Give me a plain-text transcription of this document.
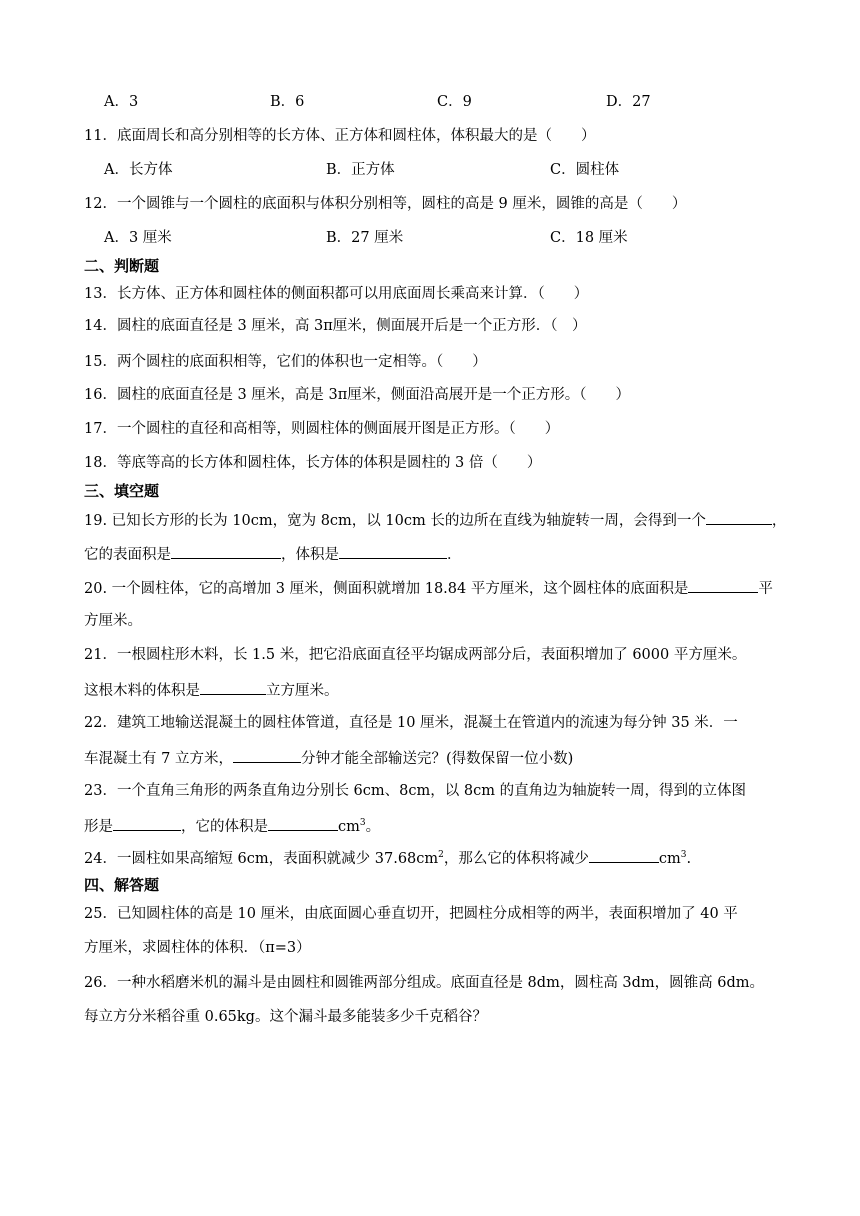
A．3	B．6	C．9	D．27
11．底面周长和高分别相等的长方体、正方体和圆柱体，体积最大的是（　　）
A．长方体	B．正方体	C．圆柱体
12．一个圆锥与一个圆柱的底面积与体积分别相等，圆柱的高是 9 厘米，圆锥的高是（　　）
A．3 厘米	B．27 厘米	C．18 厘米
二、判断题
13．长方体、正方体和圆柱体的侧面积都可以用底面周长乘高来计算．（　　）
14．圆柱的底面直径是 3 厘米，高 3π厘米，侧面展开后是一个正方形．（　）
15．两个圆柱的底面积相等，它们的体积也一定相等。（　　）
16．圆柱的底面直径是 3 厘米，高是 3π厘米，侧面沿高展开是一个正方形。（　　）
17．一个圆柱的直径和高相等，则圆柱体的侧面展开图是正方形。（　　）
18．等底等高的长方体和圆柱体，长方体的体积是圆柱的 3 倍（　　）
三、填空题
19. 已知长方形的长为 10cm，宽为 8cm，以 10cm 长的边所在直线为轴旋转一周，会得到一个	，
它的表面积是	，体积是	．
20. 一个圆柱体，它的高增加 3 厘米，侧面积就增加 18.84 平方厘米，这个圆柱体的底面积是	平
方厘米。
21．一根圆柱形木料，长 1.5 米，把它沿底面直径平均锯成两部分后，表面积增加了 6000 平方厘米。
这根木料的体积是	立方厘米。
22．建筑工地输送混凝土的圆柱体管道，直径是 10 厘米，混凝土在管道内的流速为每分钟 35 米．一
车混凝土有 7 立方米，	分钟才能全部输送完？(得数保留一位小数)
23．一个直角三角形的两条直角边分别长 6cm、8cm，以 8cm 的直角边为轴旋转一周，得到的立体图
形是	，它的体积是	$cm^3$。
24．一圆柱如果高缩短 6cm，表面积就减少 $37.68cm^2$，那么它的体积将减少	$cm^3$.
四、解答题
25．已知圆柱体的高是 10 厘米，由底面圆心垂直切开，把圆柱分成相等的两半，表面积增加了 40 平
方厘米，求圆柱体的体积．（π=3）
26．一种水稻磨米机的漏斗是由圆柱和圆锥两部分组成。底面直径是 8dm，圆柱高 3dm，圆锥高 6dm。
每立方分米稻谷重 0.65kg。这个漏斗最多能装多少千克稻谷？
